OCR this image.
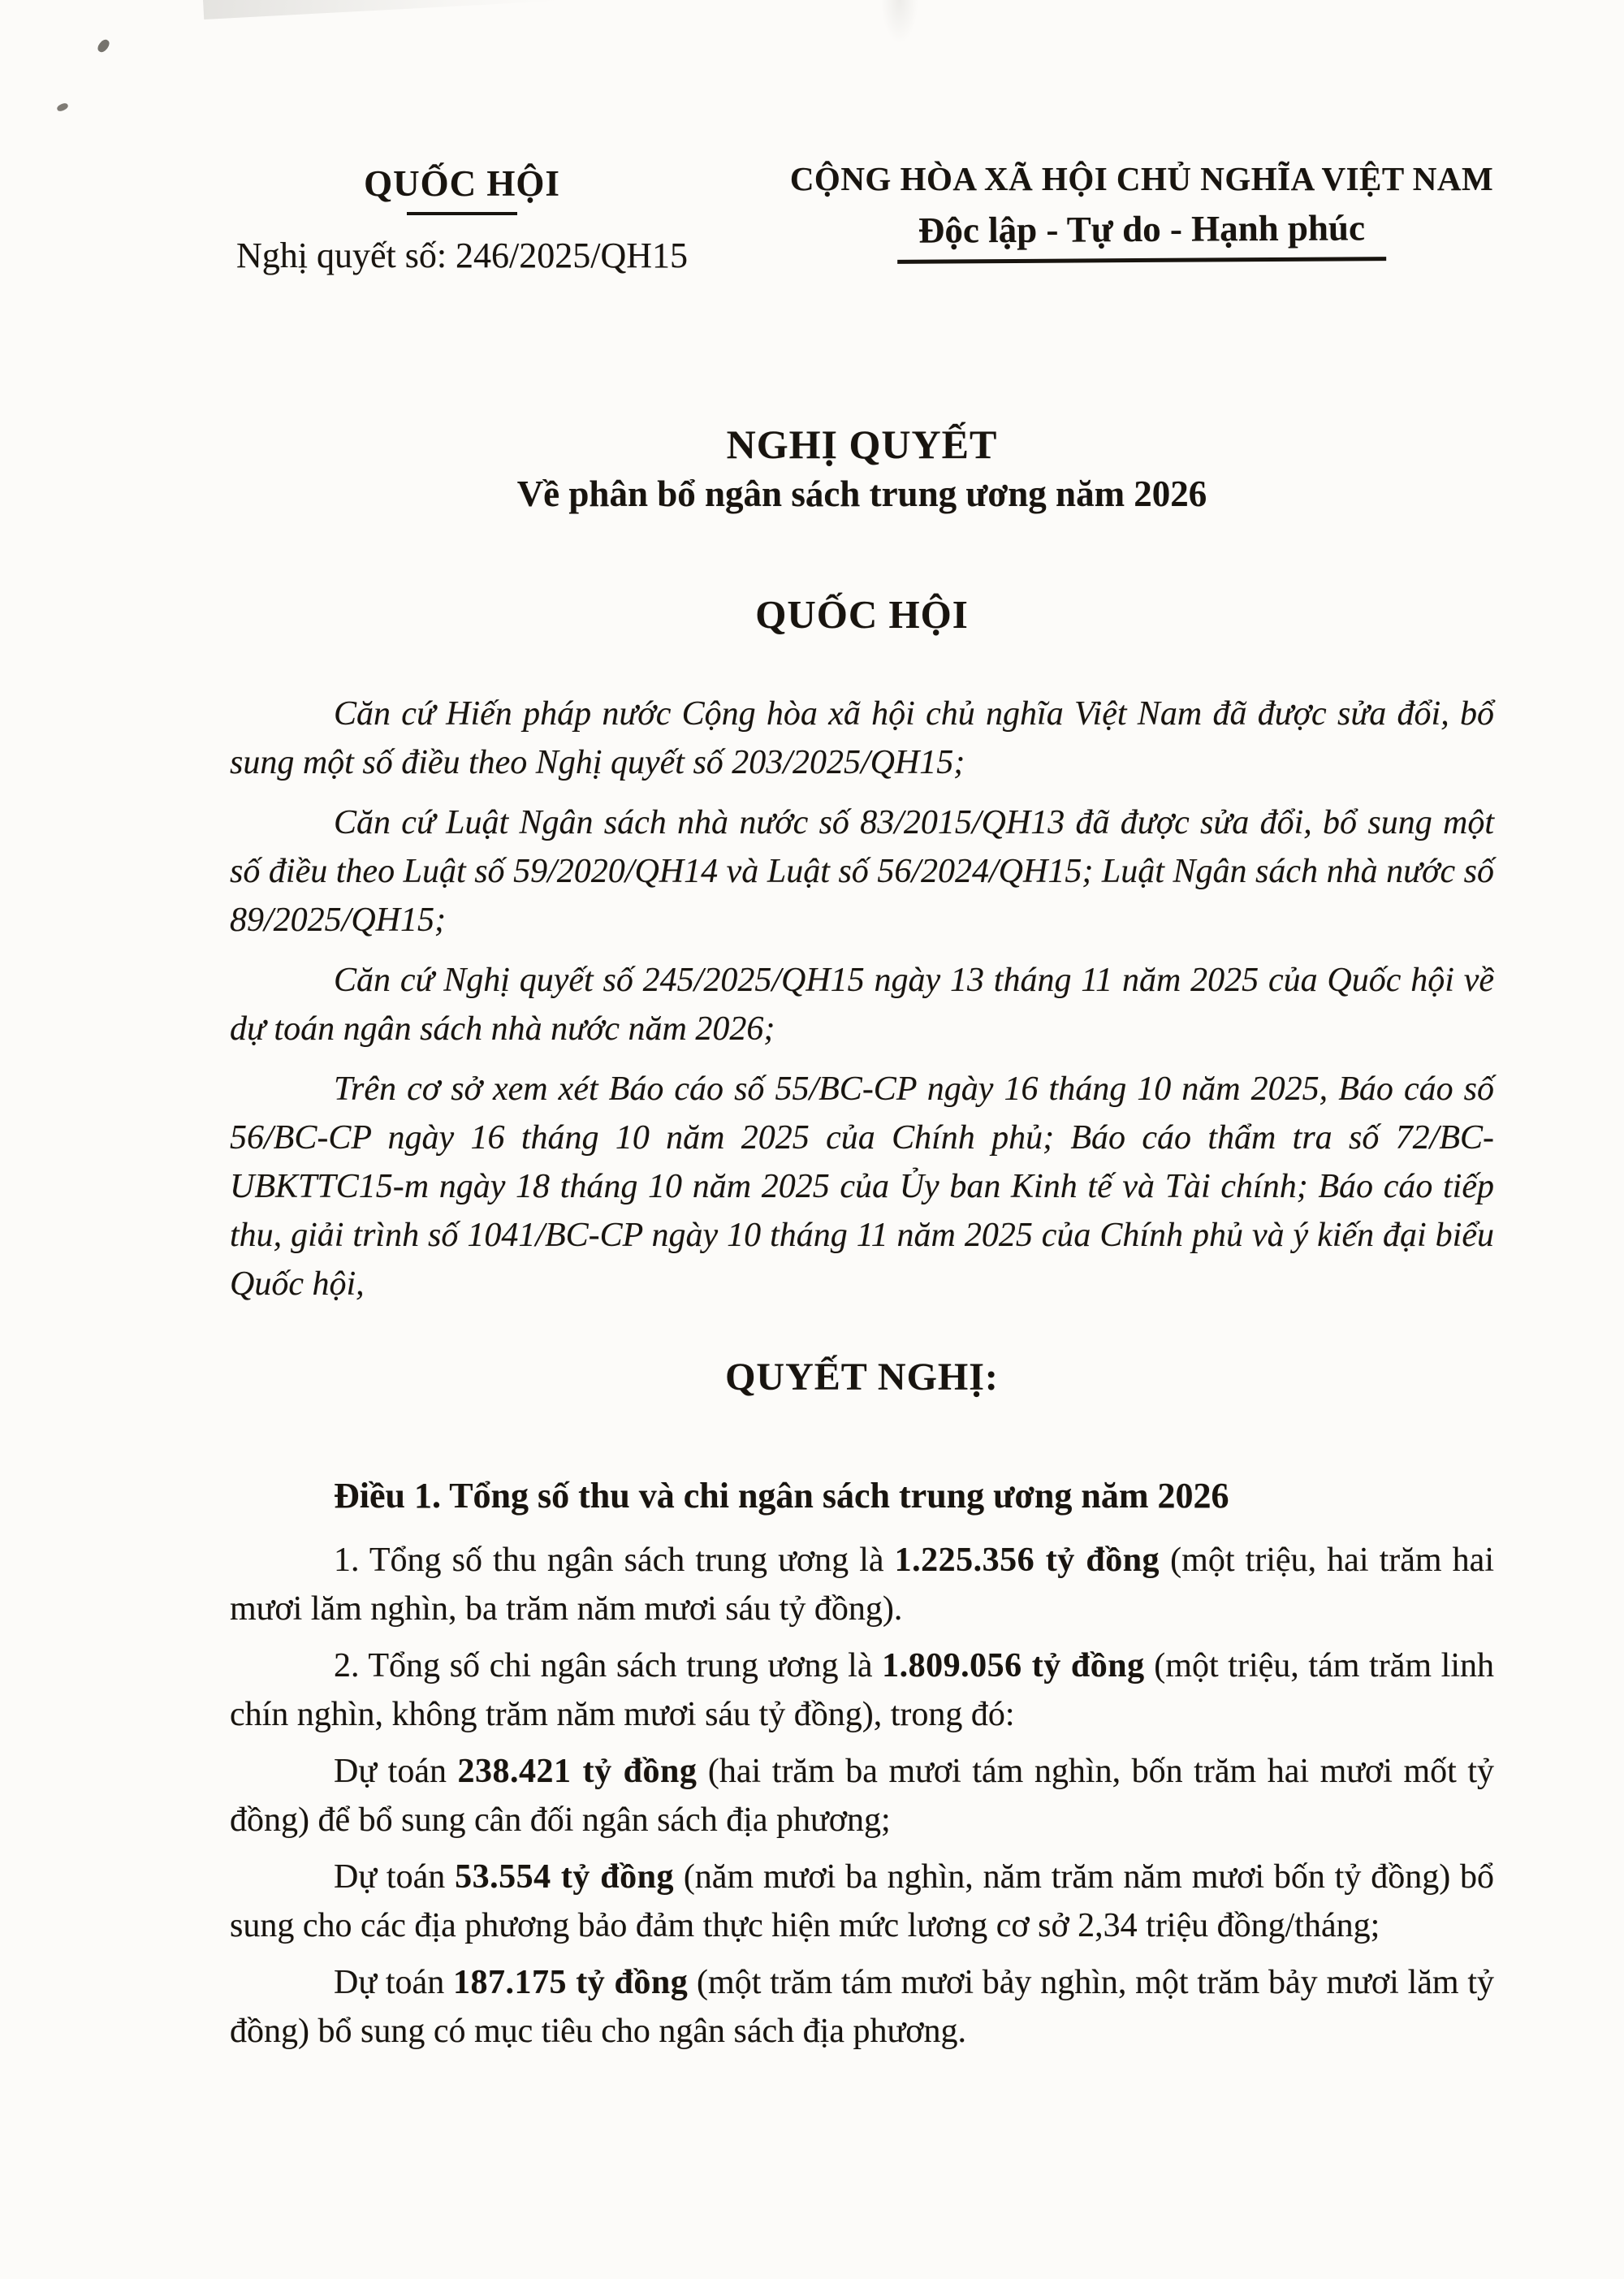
QUỐC HỘI
Nghị quyết số: 246/2025/QH15
CỘNG HÒA XÃ HỘI CHỦ NGHĨA VIỆT NAM
Độc lập - Tự do - Hạnh phúc
NGHỊ QUYẾT
Về phân bổ ngân sách trung ương năm 2026
QUỐC HỘI

Căn cứ Hiến pháp nước Cộng hòa xã hội chủ nghĩa Việt Nam đã được sửa đổi, bổ sung một số điều theo Nghị quyết số 203/2025/QH15;

Căn cứ Luật Ngân sách nhà nước số 83/2015/QH13 đã được sửa đổi, bổ sung một số điều theo Luật số 59/2020/QH14 và Luật số 56/2024/QH15; Luật Ngân sách nhà nước số 89/2025/QH15;

Căn cứ Nghị quyết số 245/2025/QH15 ngày 13 tháng 11 năm 2025 của Quốc hội về dự toán ngân sách nhà nước năm 2026;

Trên cơ sở xem xét Báo cáo số 55/BC-CP ngày 16 tháng 10 năm 2025, Báo cáo số 56/BC-CP ngày 16 tháng 10 năm 2025 của Chính phủ; Báo cáo thẩm tra số 72/BC-UBKTTC15-m ngày 18 tháng 10 năm 2025 của Ủy ban Kinh tế và Tài chính; Báo cáo tiếp thu, giải trình số 1041/BC-CP ngày 10 tháng 11 năm 2025 của Chính phủ và ý kiến đại biểu Quốc hội,

QUYẾT NGHỊ:

Điều 1. Tổng số thu và chi ngân sách trung ương năm 2026

1. Tổng số thu ngân sách trung ương là 1.225.356 tỷ đồng (một triệu, hai trăm hai mươi lăm nghìn, ba trăm năm mươi sáu tỷ đồng).

2. Tổng số chi ngân sách trung ương là 1.809.056 tỷ đồng (một triệu, tám trăm linh chín nghìn, không trăm năm mươi sáu tỷ đồng), trong đó:

Dự toán 238.421 tỷ đồng (hai trăm ba mươi tám nghìn, bốn trăm hai mươi mốt tỷ đồng) để bổ sung cân đối ngân sách địa phương;

Dự toán 53.554 tỷ đồng (năm mươi ba nghìn, năm trăm năm mươi bốn tỷ đồng) bổ sung cho các địa phương bảo đảm thực hiện mức lương cơ sở 2,34 triệu đồng/tháng;

Dự toán 187.175 tỷ đồng (một trăm tám mươi bảy nghìn, một trăm bảy mươi lăm tỷ đồng) bổ sung có mục tiêu cho ngân sách địa phương.
